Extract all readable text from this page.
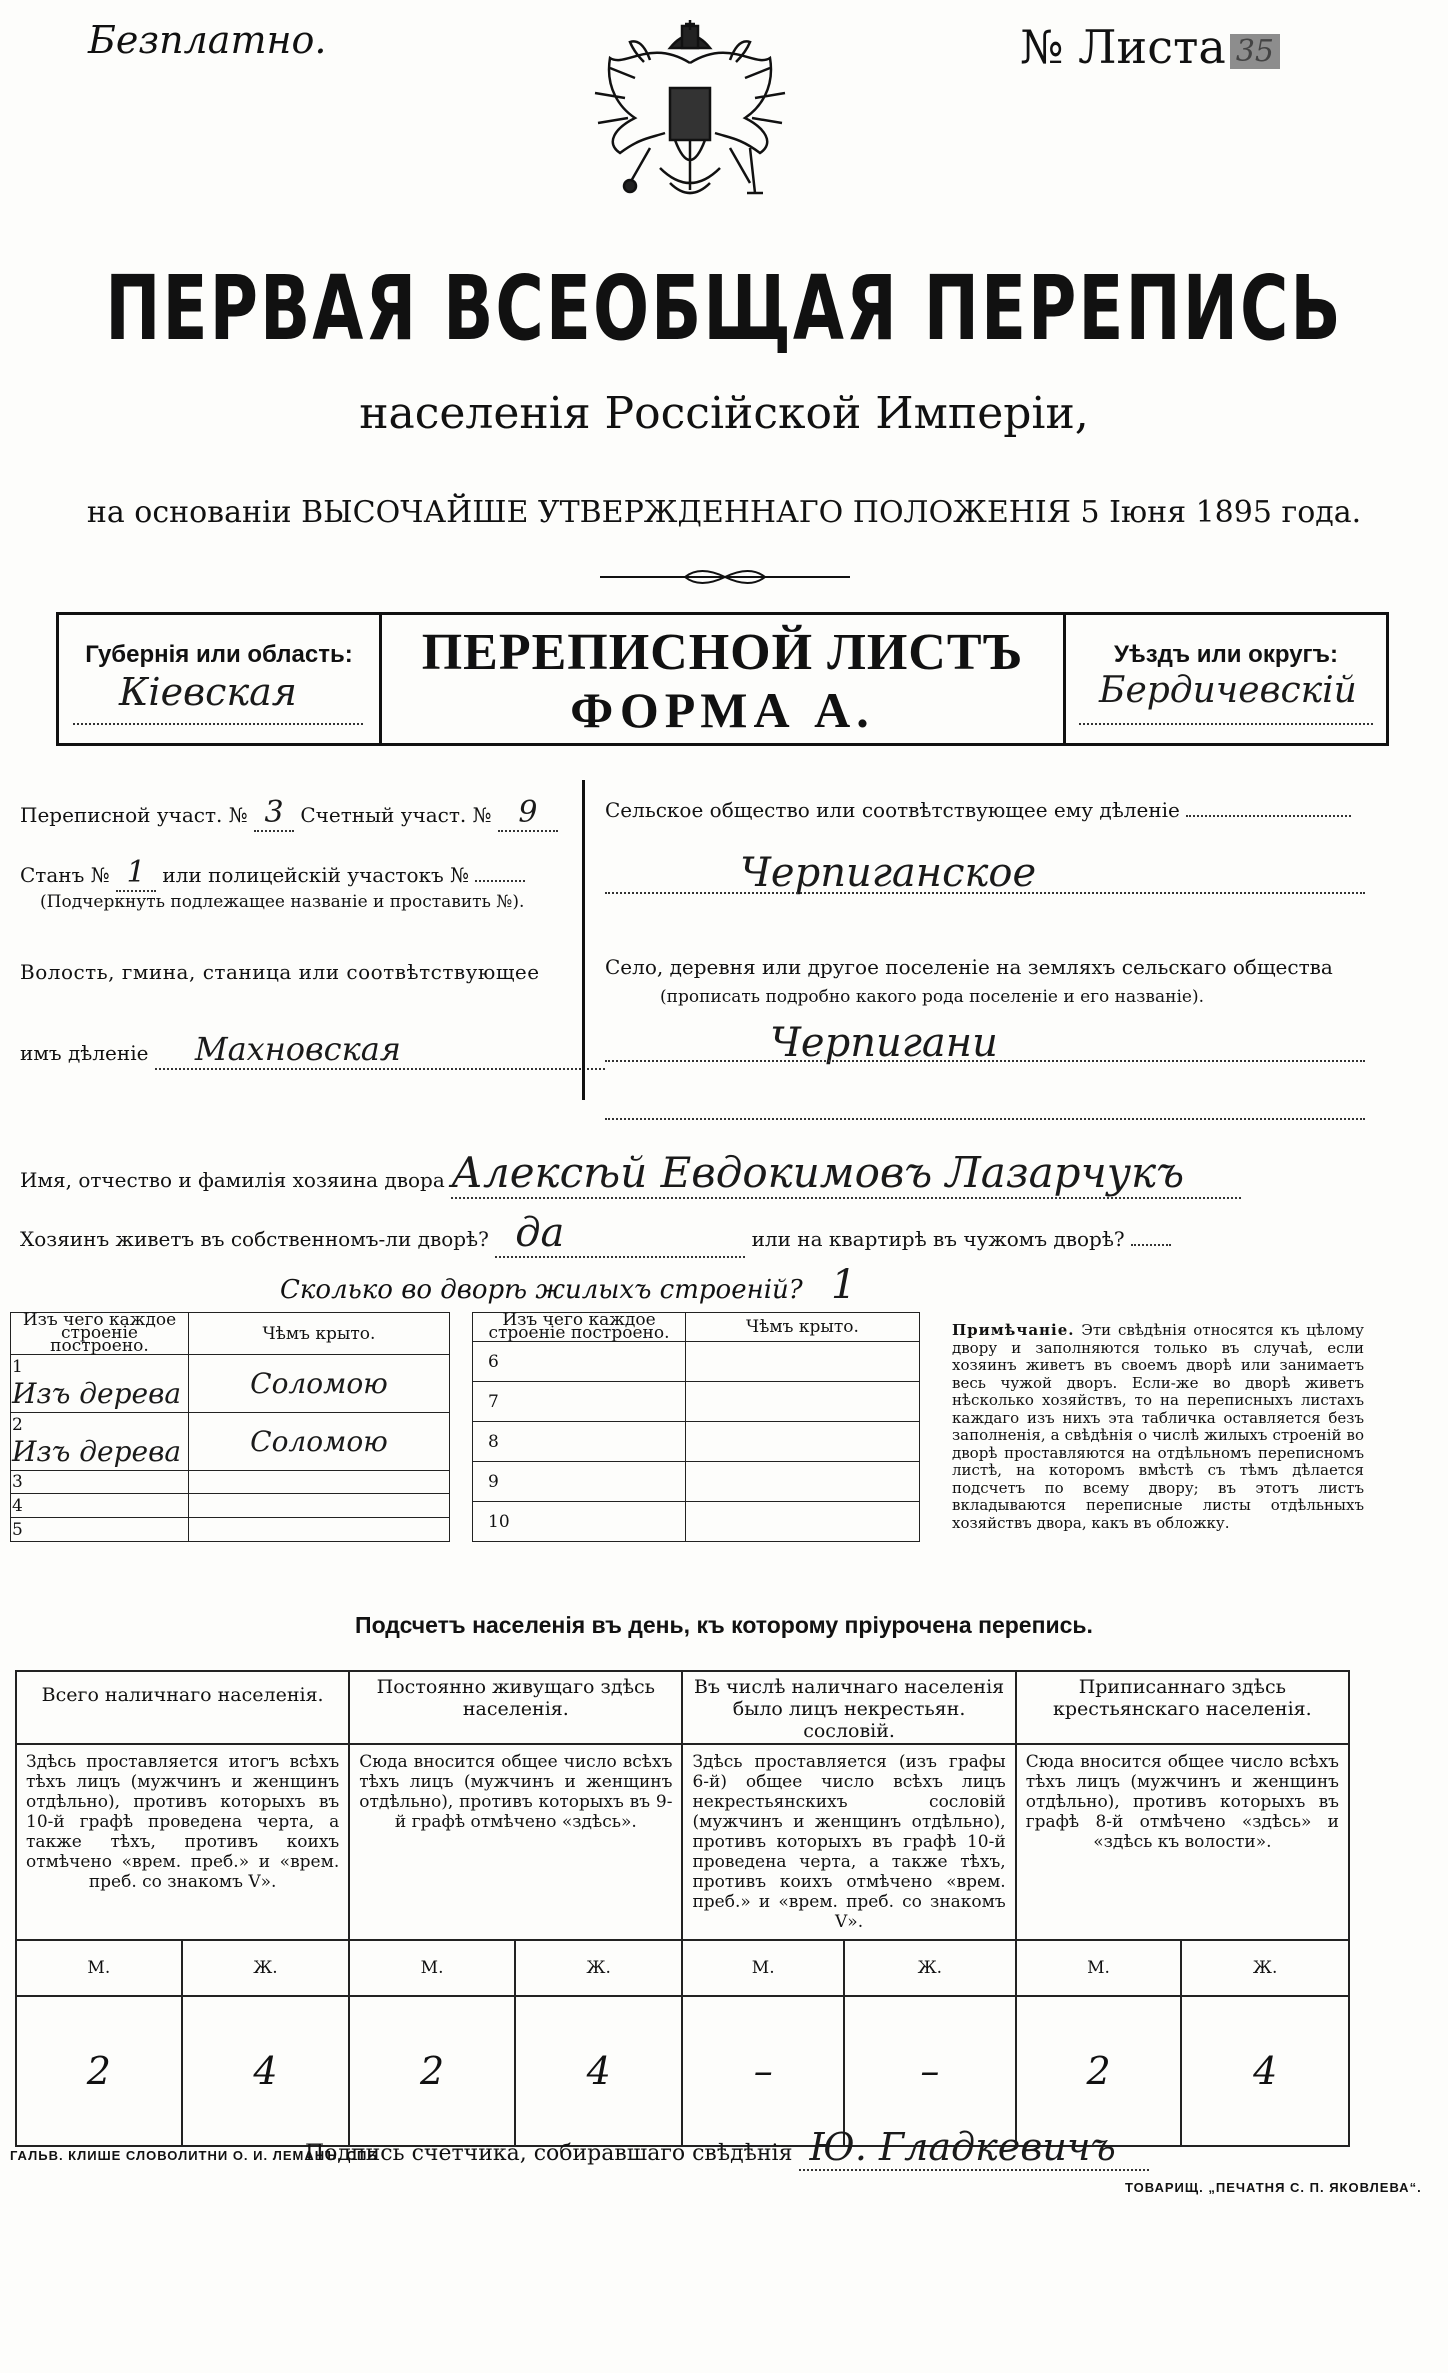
Безплатно.	№ Листа 35
ПЕРВАЯ ВСЕОБЩАЯ ПЕРЕПИСЬ
населенія Россійской Имперіи,
на основаніи ВЫСОЧАЙШЕ УТВЕРЖДЕННАГО ПОЛОЖЕНІЯ 5 Іюня 1895 года.
Губернія или область:
Кіевская
ПЕРЕПИСНОЙ ЛИСТЪ
ФОРМА А.
Уѣздъ или округъ:
Бердичевскій
Переписной участ. № 3 Счетный участ. № 9
Станъ № 1 или полицейскій участокъ №
(Подчеркнуть подлежащее названіе и проставить №).
Волость, гмина, станица или соотвѣтствующее
имъ дѣленіе Махновская
Сельское общество или соотвѣтствующее ему дѣленіе
Черпиганское
Село, деревня или другое поселеніе на земляхъ сельскаго общества
(прописать подробно какого рода поселеніе и его названіе).
Черпигани
Имя, отчество и фамилія хозяина двора Алексѣй Евдокимовъ Лазарчукъ
Хозяинъ живетъ въ собственномъ-ли дворѣ? да	или на квартирѣ въ чужомъ дворѣ?
Сколько во дворѣ жилыхъ строеній? 1
Изъ чего каждое строеніе построено.	Чѣмъ крыто.
1 Изъ дерева	Соломою
2 Изъ дерева	Соломою
3	
4	
5	
Изъ чего каждое строеніе построено.	Чѣмъ крыто.
6	
7	
8	
9	
10	
Примѣчаніе. Эти свѣдѣнія относятся къ цѣлому двору и заполняются только въ случаѣ, если хозяинъ живетъ въ своемъ дворѣ или занимаетъ весь чужой дворъ. Если-же во дворѣ живетъ нѣсколько хозяйствъ, то на переписныхъ листахъ каждаго изъ нихъ эта табличка оставляется безъ заполненія, а свѣдѣнія о числѣ жилыхъ строеній во дворѣ проставляются на отдѣльномъ переписномъ листѣ, на которомъ вмѣстѣ съ тѣмъ дѣлается подсчетъ по всему двору; въ этотъ листъ вкладываются переписные листы отдѣльныхъ хозяйствъ двора, какъ въ обложку.
Подсчетъ населенія въ день, къ которому пріурочена перепись.
Всего наличнаго населенія.		Постоянно живущаго здѣсь населенія.		Въ числѣ наличнаго населенія было лицъ некрестьян. сословій.		Приписаннаго здѣсь крестьянскаго населенія.	

Здѣсь проставляется итогъ всѣхъ тѣхъ лицъ (мужчинъ и женщинъ отдѣльно), противъ которыхъ въ 10-й графѣ проведена черта, а также тѣхъ, противъ коихъ отмѣчено «врем. преб.» и «врем. преб. со знакомъ V».		Сюда вносится общее число всѣхъ тѣхъ лицъ (мужчинъ и женщинъ отдѣльно), противъ которыхъ въ 9-й графѣ отмѣчено «здѣсь».		Здѣсь проставляется (изъ графы 6-й) общее число всѣхъ лицъ некрестьянскихъ сословій (мужчинъ и женщинъ отдѣльно), противъ которыхъ въ графѣ 10-й проведена черта, а также тѣхъ, противъ коихъ отмѣчено «врем. преб.» и «врем. преб. со знакомъ V».		Сюда вносится общее число всѣхъ тѣхъ лицъ (мужчинъ и женщинъ отдѣльно), противъ которыхъ въ графѣ 8-й отмѣчено «здѣсь» и «здѣсь къ волости».	

М.	Ж.	М.	Ж.	М.	Ж.	М.	Ж.
2	4	2	4	–	–	2	4
Подпись счетчика, собиравшаго свѣдѣнія Ю. Гладкевичъ
ГАЛЬВ. КЛИШЕ СЛОВОЛИТНИ О. И. ЛЕМАНЪ, СПБ
ТОВАРИЩ. „ПЕЧАТНЯ С. П. ЯКОВЛЕВА“.
